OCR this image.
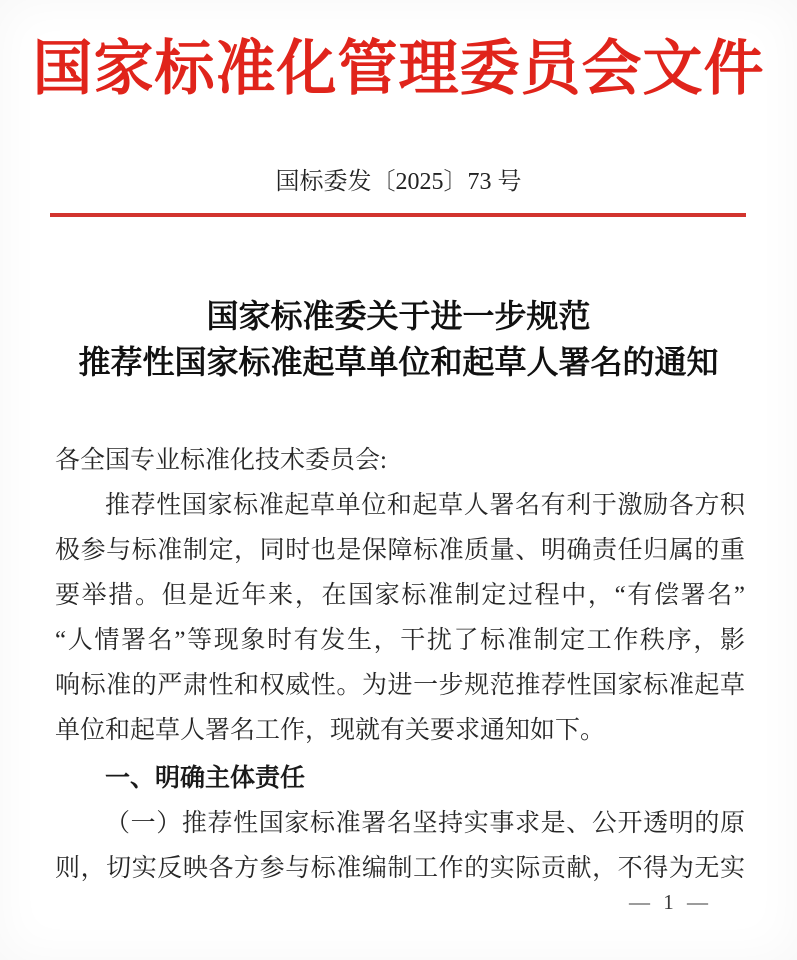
国家标准化管理委员会文件
国标委发〔2025〕73 号
国家标准委关于进一步规范
推荐性国家标准起草单位和起草人署名的通知
各全国专业标准化技术委员会:
推荐性国家标准起草单位和起草人署名有利于激励各方积
极参与标准制定，同时也是保障标准质量、明确责任归属的重
要举措。但是近年来，在国家标准制定过程中，“有偿署名”
“人情署名”等现象时有发生，干扰了标准制定工作秩序，影
响标准的严肃性和权威性。为进一步规范推荐性国家标准起草
单位和起草人署名工作，现就有关要求通知如下。
一、明确主体责任
（一）推荐性国家标准署名坚持实事求是、公开透明的原
则，切实反映各方参与标准编制工作的实际贡献，不得为无实
— 1 —
